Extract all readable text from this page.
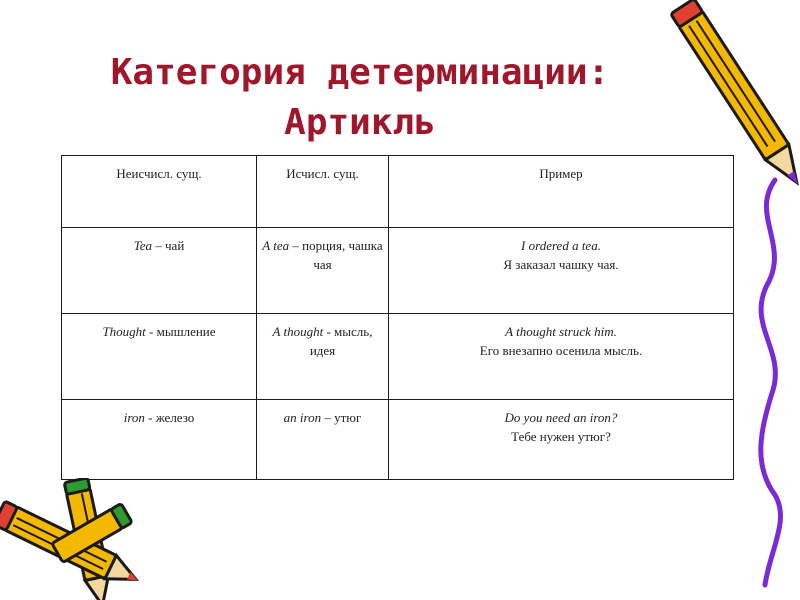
Категория детерминации:
Артикль
Неисчисл. сущ.	Исчисл. сущ.	Пример
Tea – чай	A tea – порция, чашка чая	I ordered a tea.
Я заказал чашку чая.

Thought - мышление	A thought - мысль, идея	A thought struck him.
Его внезапно осенила мысль.

iron - железо	an iron – утюг	Do you need an iron?
Тебе нужен утюг?
